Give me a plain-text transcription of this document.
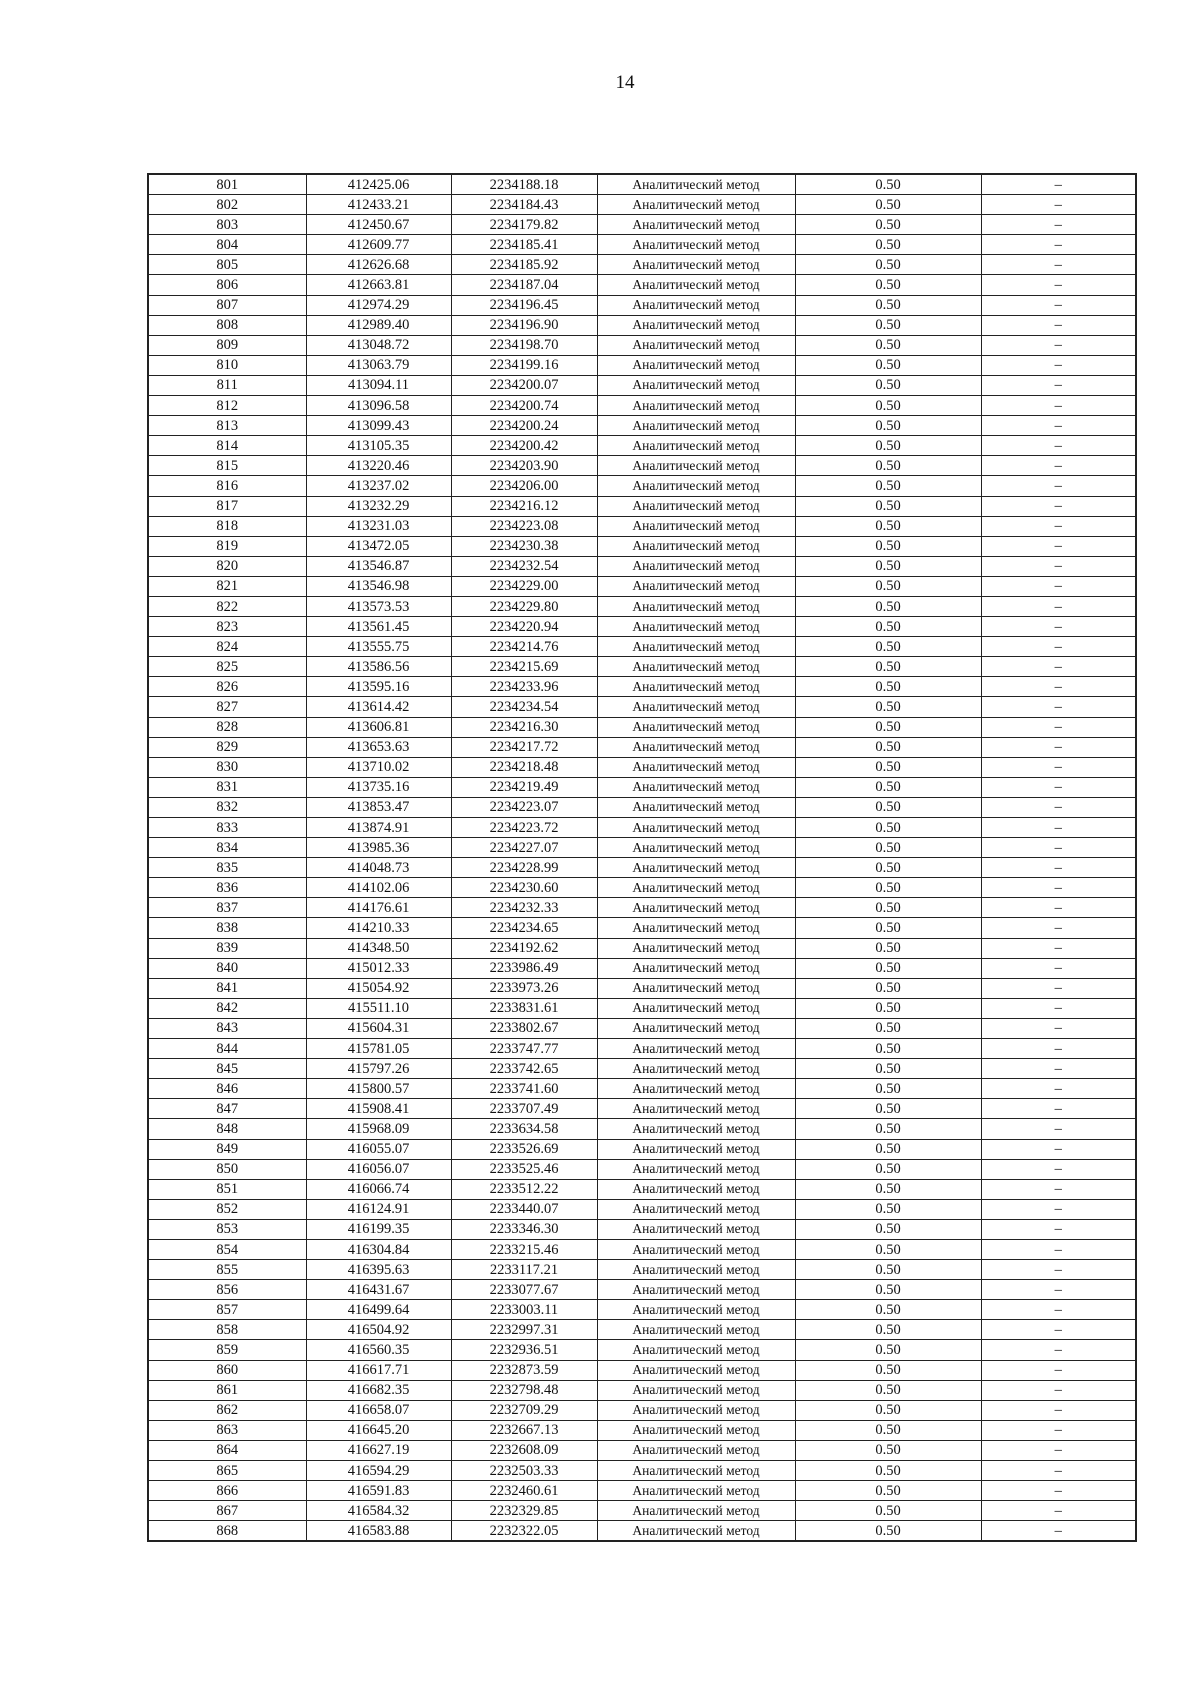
14
801	412425.06	2234188.18	Аналитический метод	0.50	–
802	412433.21	2234184.43	Аналитический метод	0.50	–
803	412450.67	2234179.82	Аналитический метод	0.50	–
804	412609.77	2234185.41	Аналитический метод	0.50	–
805	412626.68	2234185.92	Аналитический метод	0.50	–
806	412663.81	2234187.04	Аналитический метод	0.50	–
807	412974.29	2234196.45	Аналитический метод	0.50	–
808	412989.40	2234196.90	Аналитический метод	0.50	–
809	413048.72	2234198.70	Аналитический метод	0.50	–
810	413063.79	2234199.16	Аналитический метод	0.50	–
811	413094.11	2234200.07	Аналитический метод	0.50	–
812	413096.58	2234200.74	Аналитический метод	0.50	–
813	413099.43	2234200.24	Аналитический метод	0.50	–
814	413105.35	2234200.42	Аналитический метод	0.50	–
815	413220.46	2234203.90	Аналитический метод	0.50	–
816	413237.02	2234206.00	Аналитический метод	0.50	–
817	413232.29	2234216.12	Аналитический метод	0.50	–
818	413231.03	2234223.08	Аналитический метод	0.50	–
819	413472.05	2234230.38	Аналитический метод	0.50	–
820	413546.87	2234232.54	Аналитический метод	0.50	–
821	413546.98	2234229.00	Аналитический метод	0.50	–
822	413573.53	2234229.80	Аналитический метод	0.50	–
823	413561.45	2234220.94	Аналитический метод	0.50	–
824	413555.75	2234214.76	Аналитический метод	0.50	–
825	413586.56	2234215.69	Аналитический метод	0.50	–
826	413595.16	2234233.96	Аналитический метод	0.50	–
827	413614.42	2234234.54	Аналитический метод	0.50	–
828	413606.81	2234216.30	Аналитический метод	0.50	–
829	413653.63	2234217.72	Аналитический метод	0.50	–
830	413710.02	2234218.48	Аналитический метод	0.50	–
831	413735.16	2234219.49	Аналитический метод	0.50	–
832	413853.47	2234223.07	Аналитический метод	0.50	–
833	413874.91	2234223.72	Аналитический метод	0.50	–
834	413985.36	2234227.07	Аналитический метод	0.50	–
835	414048.73	2234228.99	Аналитический метод	0.50	–
836	414102.06	2234230.60	Аналитический метод	0.50	–
837	414176.61	2234232.33	Аналитический метод	0.50	–
838	414210.33	2234234.65	Аналитический метод	0.50	–
839	414348.50	2234192.62	Аналитический метод	0.50	–
840	415012.33	2233986.49	Аналитический метод	0.50	–
841	415054.92	2233973.26	Аналитический метод	0.50	–
842	415511.10	2233831.61	Аналитический метод	0.50	–
843	415604.31	2233802.67	Аналитический метод	0.50	–
844	415781.05	2233747.77	Аналитический метод	0.50	–
845	415797.26	2233742.65	Аналитический метод	0.50	–
846	415800.57	2233741.60	Аналитический метод	0.50	–
847	415908.41	2233707.49	Аналитический метод	0.50	–
848	415968.09	2233634.58	Аналитический метод	0.50	–
849	416055.07	2233526.69	Аналитический метод	0.50	–
850	416056.07	2233525.46	Аналитический метод	0.50	–
851	416066.74	2233512.22	Аналитический метод	0.50	–
852	416124.91	2233440.07	Аналитический метод	0.50	–
853	416199.35	2233346.30	Аналитический метод	0.50	–
854	416304.84	2233215.46	Аналитический метод	0.50	–
855	416395.63	2233117.21	Аналитический метод	0.50	–
856	416431.67	2233077.67	Аналитический метод	0.50	–
857	416499.64	2233003.11	Аналитический метод	0.50	–
858	416504.92	2232997.31	Аналитический метод	0.50	–
859	416560.35	2232936.51	Аналитический метод	0.50	–
860	416617.71	2232873.59	Аналитический метод	0.50	–
861	416682.35	2232798.48	Аналитический метод	0.50	–
862	416658.07	2232709.29	Аналитический метод	0.50	–
863	416645.20	2232667.13	Аналитический метод	0.50	–
864	416627.19	2232608.09	Аналитический метод	0.50	–
865	416594.29	2232503.33	Аналитический метод	0.50	–
866	416591.83	2232460.61	Аналитический метод	0.50	–
867	416584.32	2232329.85	Аналитический метод	0.50	–
868	416583.88	2232322.05	Аналитический метод	0.50	–
